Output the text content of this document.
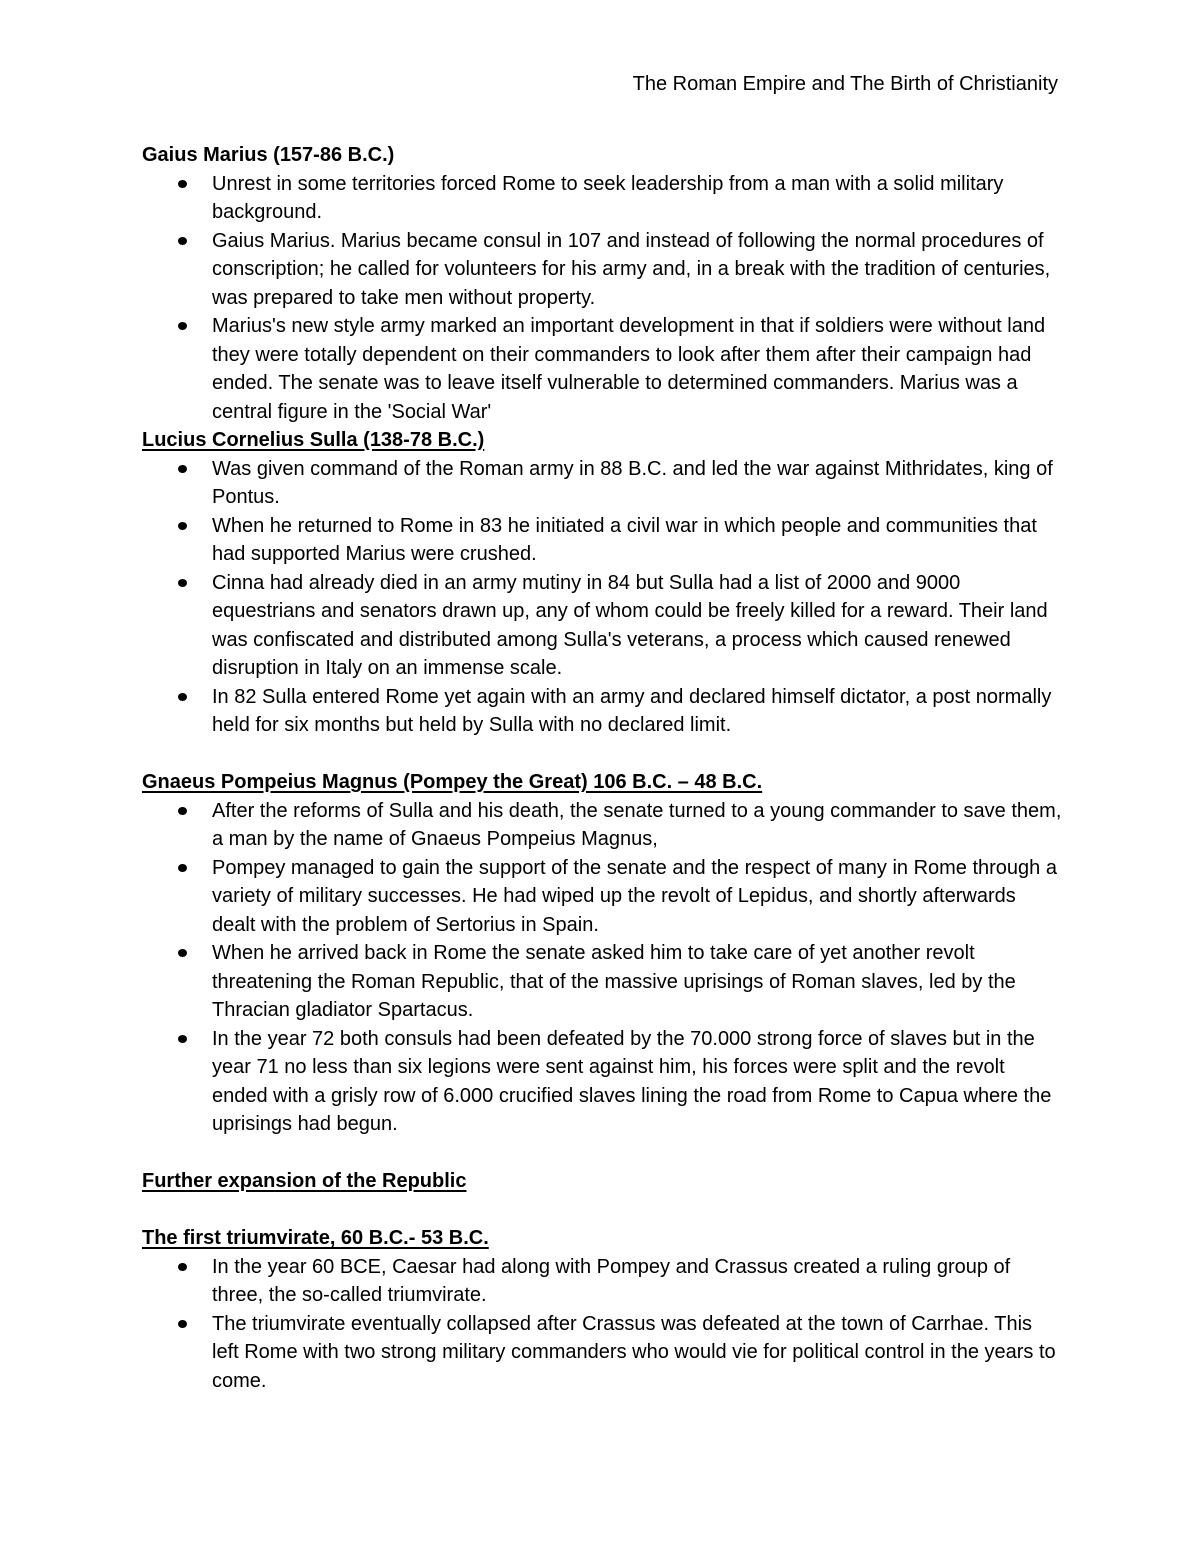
The Roman Empire and The Birth of Christianity

Gaius Marius (157-86 B.C.)

Unrest in some territories forced Rome to seek leadership from a man with a solid military background.
Gaius Marius. Marius became consul in 107 and instead of following the normal procedures of conscription; he called for volunteers for his army and, in a break with the tradition of centuries, was prepared to take men without property.
Marius's new style army marked an important development in that if soldiers were without land they were totally dependent on their commanders to look after them after their campaign had ended. The senate was to leave itself vulnerable to determined commanders. Marius was a central figure in the 'Social War'

Lucius Cornelius Sulla (138-78 B.C.)

Was given command of the Roman army in 88 B.C. and led the war against Mithridates, king of Pontus.
When he returned to Rome in 83 he initiated a civil war in which people and communities that had supported Marius were crushed.
Cinna had already died in an army mutiny in 84 but Sulla had a list of 2000 and 9000 equestrians and senators drawn up, any of whom could be freely killed for a reward. Their land was confiscated and distributed among Sulla's veterans, a process which caused renewed disruption in Italy on an immense scale.
In 82 Sulla entered Rome yet again with an army and declared himself dictator, a post normally held for six months but held by Sulla with no declared limit.

Gnaeus Pompeius Magnus (Pompey the Great) 106 B.C. – 48 B.C.

After the reforms of Sulla and his death, the senate turned to a young commander to save them, a man by the name of Gnaeus Pompeius Magnus,
Pompey managed to gain the support of the senate and the respect of many in Rome through a variety of military successes. He had wiped up the revolt of Lepidus, and shortly afterwards dealt with the problem of Sertorius in Spain.
When he arrived back in Rome the senate asked him to take care of yet another revolt threatening the Roman Republic, that of the massive uprisings of Roman slaves, led by the Thracian gladiator Spartacus.
In the year 72 both consuls had been defeated by the 70.000 strong force of slaves but in the year 71 no less than six legions were sent against him, his forces were split and the revolt ended with a grisly row of 6.000 crucified slaves lining the road from Rome to Capua where the uprisings had begun.

Further expansion of the Republic

The first triumvirate, 60 B.C.- 53 B.C.

In the year 60 BCE, Caesar had along with Pompey and Crassus created a ruling group of three, the so-called triumvirate.
The triumvirate eventually collapsed after Crassus was defeated at the town of Carrhae. This left Rome with two strong military commanders who would vie for political control in the years to come.
